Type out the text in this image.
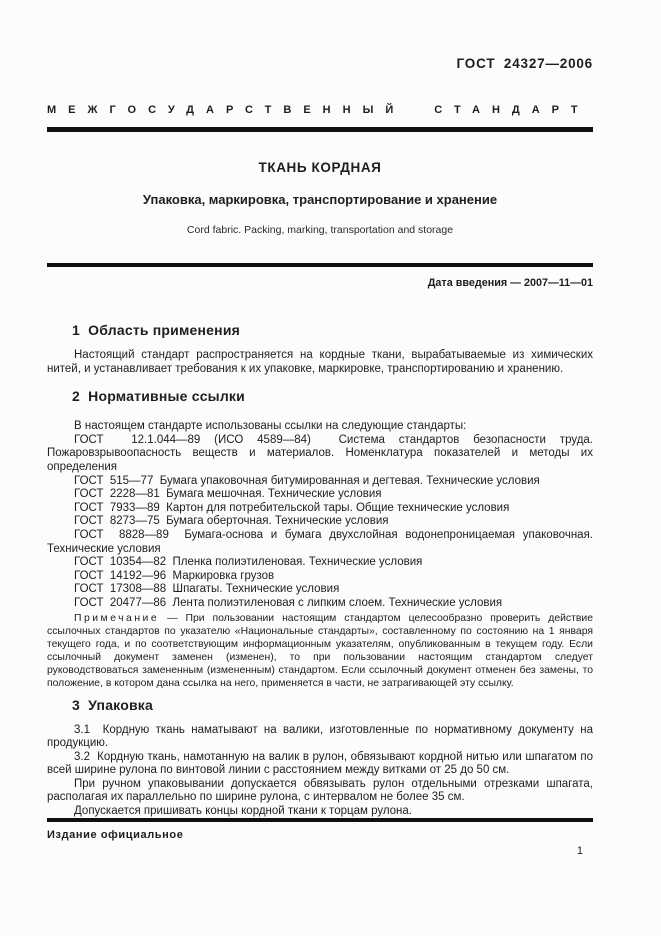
ГОСТ 24327—2006
МЕЖГОСУДАРСТВЕННЫЙ СТАНДАРТ
ТКАНЬ КОРДНАЯ
Упаковка, маркировка, транспортирование и хранение
Cord fabric. Packing, marking, transportation and storage
Дата введения — 2007—11—01
1  Область применения

Настоящий стандарт распространяется на кордные ткани, вырабатываемые из химических нитей, и устанавливает требования к их упаковке, маркировке, транспортированию и хранению.

2  Нормативные ссылки

В настоящем стандарте использованы ссылки на следующие стандарты:

ГОСТ  12.1.044—89 (ИСО 4589—84)  Система стандартов безопасности труда. Пожаровзрывоопасность веществ и материалов. Номенклатура показателей и методы их определения

ГОСТ  515—77  Бумага упаковочная битумированная и дегтевая. Технические условия

ГОСТ  2228—81  Бумага мешочная. Технические условия

ГОСТ  7933—89  Картон для потребительской тары. Общие технические условия

ГОСТ  8273—75  Бумага оберточная. Технические условия

ГОСТ  8828—89  Бумага-основа и бумага двухслойная водонепроницаемая упаковочная. Технические условия

ГОСТ  10354—82  Пленка полиэтиленовая. Технические условия

ГОСТ  14192—96  Маркировка грузов

ГОСТ  17308—88  Шпагаты. Технические условия

ГОСТ  20477—86  Лента полиэтиленовая с липким слоем. Технические условия

Примечание — При пользовании настоящим стандартом целесообразно проверить действие ссылочных стандартов по указателю «Национальные стандарты», составленному по состоянию на 1 января текущего года, и по соответствующим информационным указателям, опубликованным в текущем году. Если ссылочный документ заменен (изменен), то при пользовании настоящим стандартом следует руководствоваться замененным (измененным) стандартом. Если ссылочный документ отменен без замены, то положение, в котором дана ссылка на него, применяется в части, не затрагивающей эту ссылку.

3  Упаковка

3.1  Кордную ткань наматывают на валики, изготовленные по нормативному документу на продукцию.

3.2  Кордную ткань, намотанную на валик в рулон, обвязывают кордной нитью или шпагатом по всей ширине рулона по винтовой линии с расстоянием между витками от 25 до 50 см.

При ручном упаковывании допускается обвязывать рулон отдельными отрезками шпагата, располагая их параллельно по ширине рулона, с интервалом не более 35 см.

Допускается пришивать концы кордной ткани к торцам рулона.

Издание официальное
1
